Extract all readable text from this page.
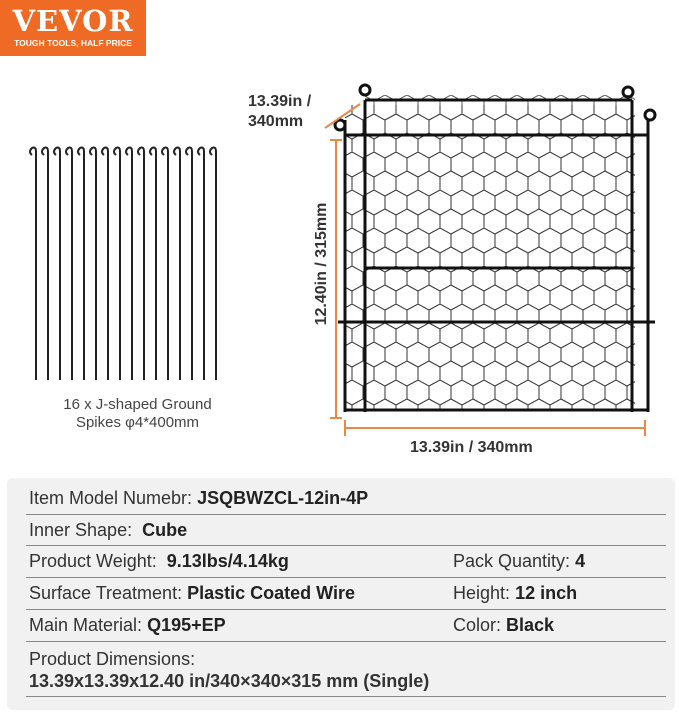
VEVOR
TOUGH TOOLS, HALF PRICE
16 x J-shaped Ground
Spikes φ4*400mm
13.39in /
340mm
12.40in / 315mm
13.39in / 340mm
Item Model Numebr: JSQBWZCL-12in-4P
Inner Shape: Cube
Product Weight: 9.13lbs/4.14kg	Pack Quantity: 4
Surface Treatment: Plastic Coated Wire	Height: 12 inch
Main Material: Q195+EP	Color: Black
Product Dimensions:
13.39x13.39x12.40 in/340×340×315 mm (Single)
